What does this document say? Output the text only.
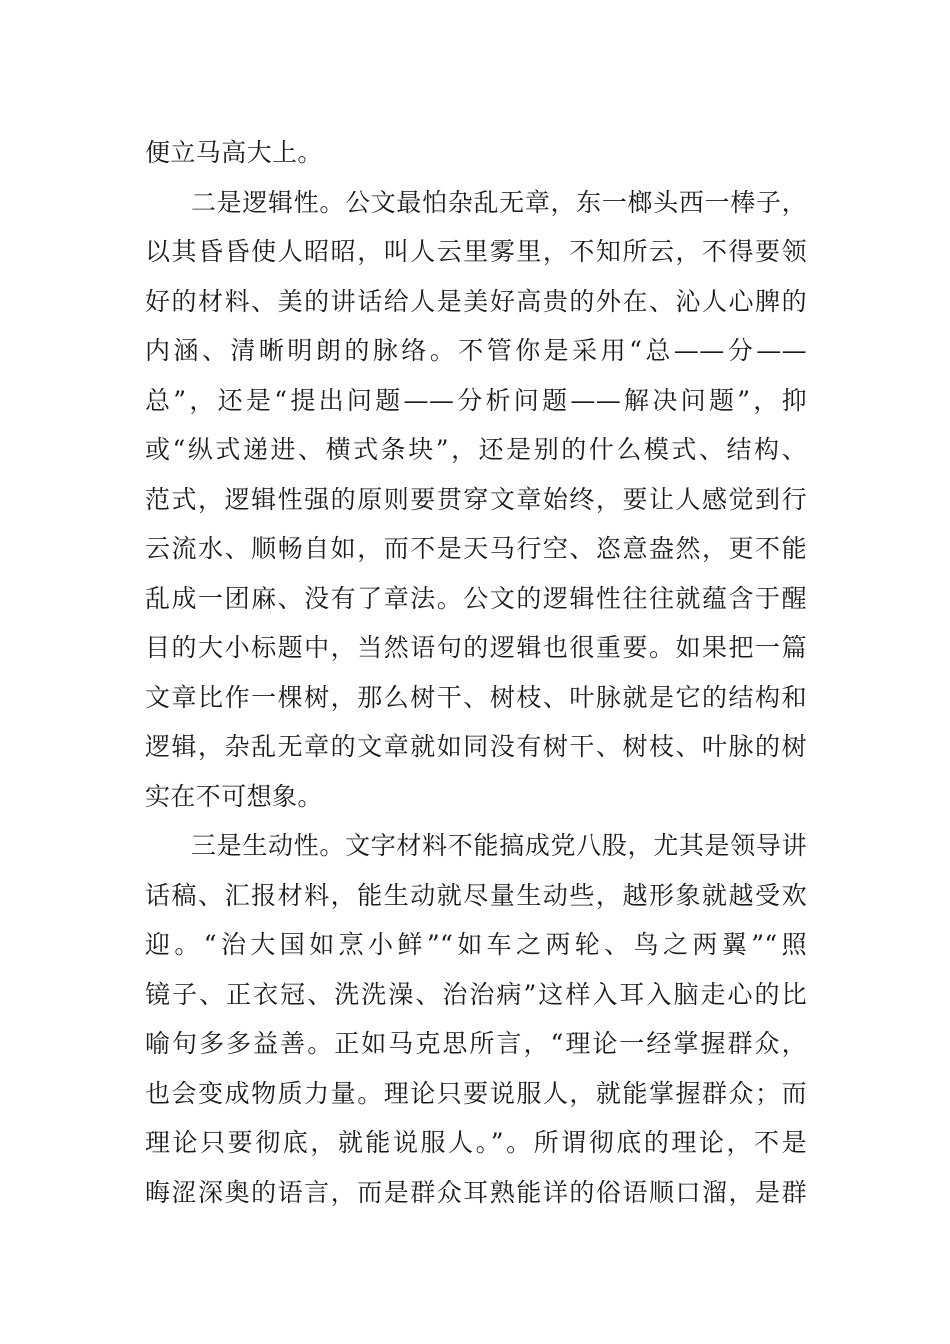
便立马高大上。
二是逻辑性。公文最怕杂乱无章，东一榔头西一棒子，
以其昏昏使人昭昭，叫人云里雾里，不知所云，不得要领
好的材料、美的讲话给人是美好高贵的外在、沁人心脾的
内涵、清晰明朗的脉络。不管你是采用“总——分——
总”，还是“提出问题——分析问题——解决问题”，抑
或“纵式递进、横式条块”，还是别的什么模式、结构、
范式，逻辑性强的原则要贯穿文章始终，要让人感觉到行
云流水、顺畅自如，而不是天马行空、恣意盎然，更不能
乱成一团麻、没有了章法。公文的逻辑性往往就蕴含于醒
目的大小标题中，当然语句的逻辑也很重要。如果把一篇
文章比作一棵树，那么树干、树枝、叶脉就是它的结构和
逻辑，杂乱无章的文章就如同没有树干、树枝、叶脉的树
实在不可想象。
三是生动性。文字材料不能搞成党八股，尤其是领导讲
话稿、汇报材料，能生动就尽量生动些，越形象就越受欢
迎。“治大国如烹小鲜”“如车之两轮、鸟之两翼”“照
镜子、正衣冠、洗洗澡、治治病”这样入耳入脑走心的比
喻句多多益善。正如马克思所言，“理论一经掌握群众，
也会变成物质力量。理论只要说服人，就能掌握群众；而
理论只要彻底，就能说服人。”。所谓彻底的理论，不是
晦涩深奥的语言，而是群众耳熟能详的俗语顺口溜，是群
